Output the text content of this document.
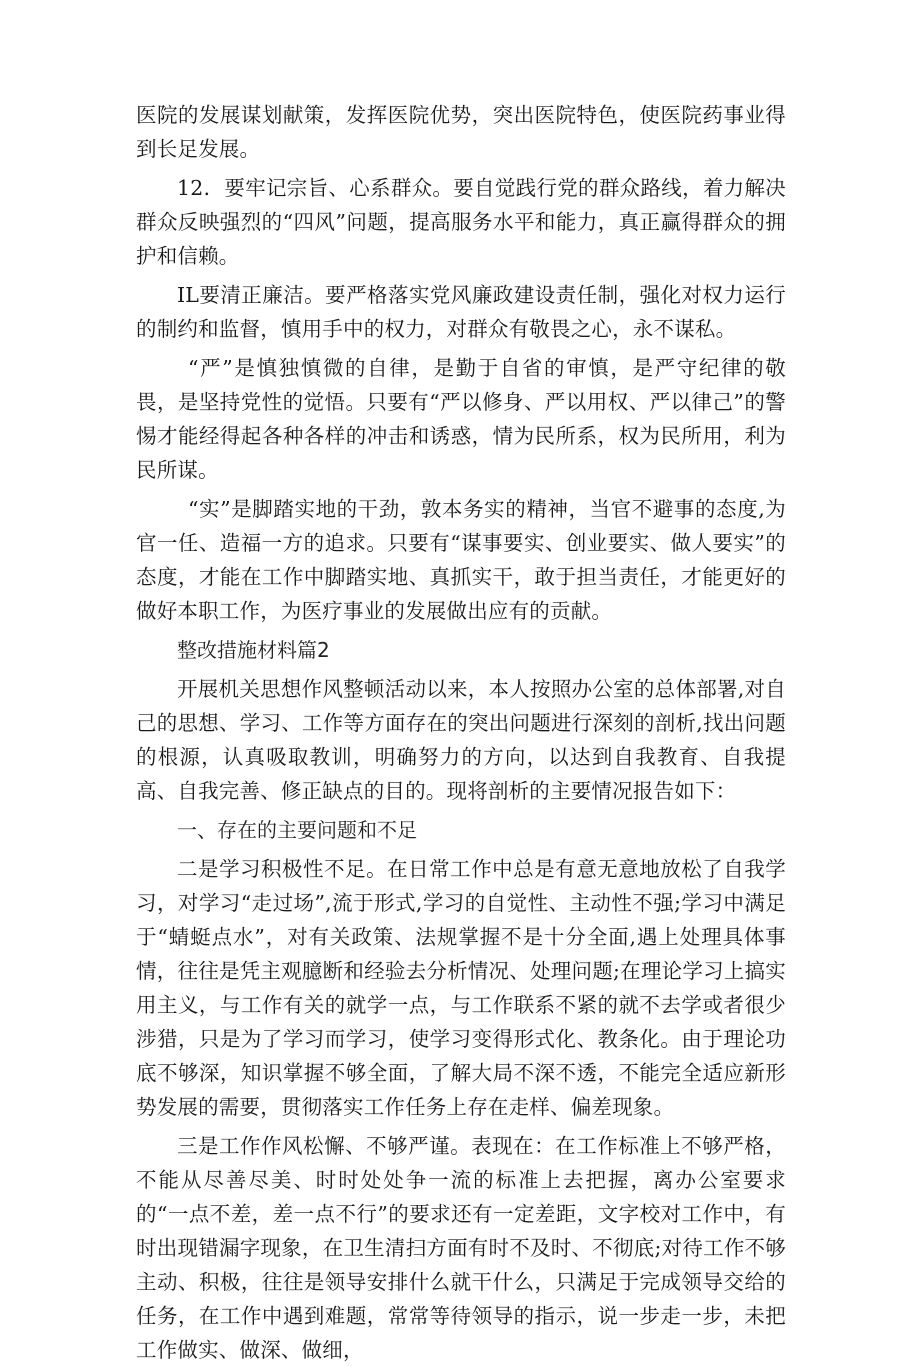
医院的发展谋划献策，发挥医院优势，突出医院特色，使医院药事业得到长足发展。

12．要牢记宗旨、心系群众。要自觉践行党的群众路线，着力解决群众反映强烈的“四风”问题，提高服务水平和能力，真正赢得群众的拥护和信赖。

IL要清正廉洁。要严格落实党风廉政建设责任制，强化对权力运行的制约和监督，慎用手中的权力，对群众有敬畏之心，永不谋私。

“严”是慎独慎微的自律，是勤于自省的审慎，是严守纪律的敬畏，是坚持党性的觉悟。只要有“严以修身、严以用权、严以律己”的警惕才能经得起各种各样的冲击和诱惑，情为民所系，权为民所用，利为民所谋。

“实”是脚踏实地的干劲，敦本务实的精神，当官不避事的态度,为官一任、造福一方的追求。只要有“谋事要实、创业要实、做人要实”的态度，才能在工作中脚踏实地、真抓实干，敢于担当责任，才能更好的做好本职工作，为医疗事业的发展做出应有的贡献。

整改措施材料篇2

开展机关思想作风整顿活动以来，本人按照办公室的总体部署,对自己的思想、学习、工作等方面存在的突出问题进行深刻的剖析,找出问题的根源，认真吸取教训，明确努力的方向，以达到自我教育、自我提高、自我完善、修正缺点的目的。现将剖析的主要情况报告如下：

一、存在的主要问题和不足

二是学习积极性不足。在日常工作中总是有意无意地放松了自我学习，对学习“走过场”,流于形式,学习的自觉性、主动性不强;学习中满足于“蜻蜓点水”，对有关政策、法规掌握不是十分全面,遇上处理具体事情，往往是凭主观臆断和经验去分析情况、处理问题;在理论学习上搞实用主义，与工作有关的就学一点，与工作联系不紧的就不去学或者很少涉猎，只是为了学习而学习，使学习变得形式化、教条化。由于理论功底不够深，知识掌握不够全面，了解大局不深不透，不能完全适应新形势发展的需要，贯彻落实工作任务上存在走样、偏差现象。

三是工作作风松懈、不够严谨。表现在：在工作标准上不够严格，不能从尽善尽美、时时处处争一流的标准上去把握，离办公室要求的“一点不差，差一点不行”的要求还有一定差距，文字校对工作中，有时出现错漏字现象，在卫生清扫方面有时不及时、不彻底;对待工作不够主动、积极，往往是领导安排什么就干什么，只满足于完成领导交给的任务，在工作中遇到难题，常常等待领导的指示，说一步走一步，未把工作做实、做深、做细，
